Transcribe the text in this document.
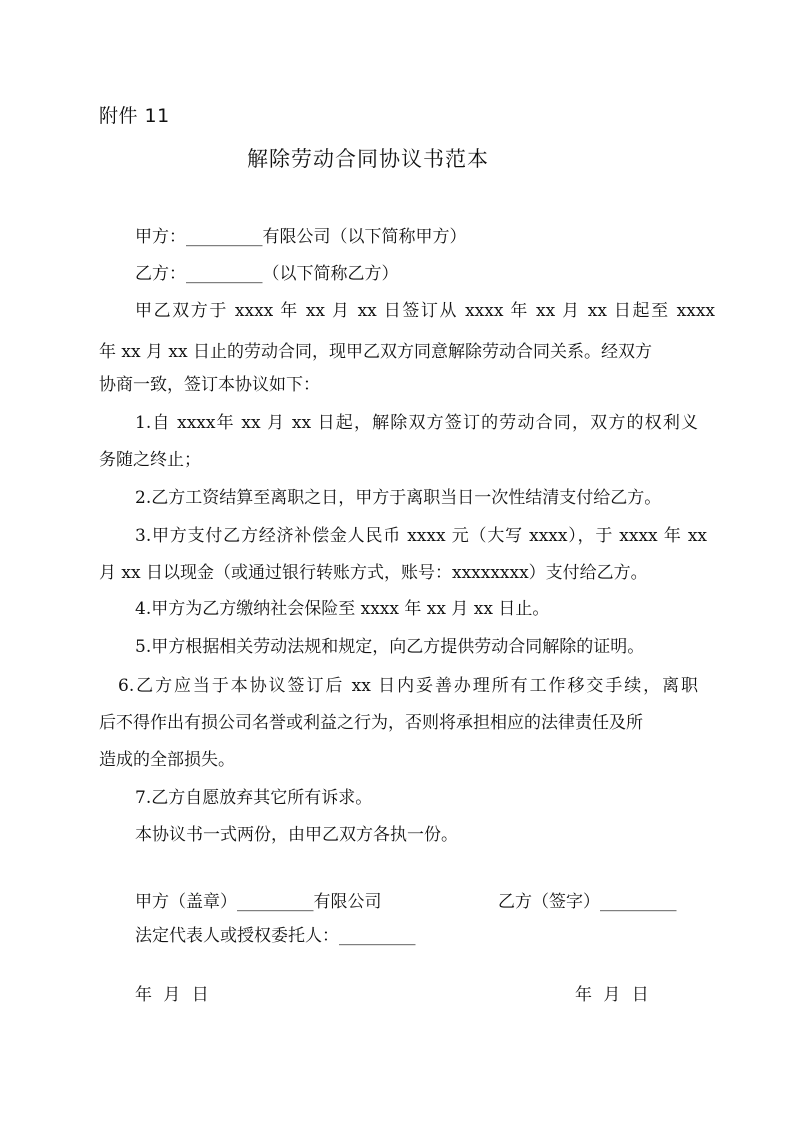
附件 11
解除劳动合同协议书范本
甲方：_________有限公司（以下简称甲方）
乙方：_________（以下简称乙方）
甲乙双方于 xxxx 年 xx 月 xx 日签订从 xxxx 年 xx 月 xx 日起至 xxxx
年 xx 月 xx 日止的劳动合同，现甲乙双方同意解除劳动合同关系。经双方
协商一致，签订本协议如下：
1.自 xxxx年 xx 月 xx 日起，解除双方签订的劳动合同，双方的权利义
务随之终止；
2.乙方工资结算至离职之日，甲方于离职当日一次性结清支付给乙方。
3.甲方支付乙方经济补偿金人民币 xxxx 元（大写 xxxx），于 xxxx 年 xx
月 xx 日以现金（或通过银行转账方式，账号：xxxxxxxx）支付给乙方。
4.甲方为乙方缴纳社会保险至 xxxx 年 xx 月 xx 日止。
5.甲方根据相关劳动法规和规定，向乙方提供劳动合同解除的证明。
6.乙方应当于本协议签订后 xx 日内妥善办理所有工作移交手续，离职
后不得作出有损公司名誉或利益之行为，否则将承担相应的法律责任及所
造成的全部损失。
7.乙方自愿放弃其它所有诉求。
本协议书一式两份，由甲乙双方各执一份。
甲方（盖章）_________有限公司	乙方（签字）_________
法定代表人或授权委托人：_________
年 月 日	年 月 日
